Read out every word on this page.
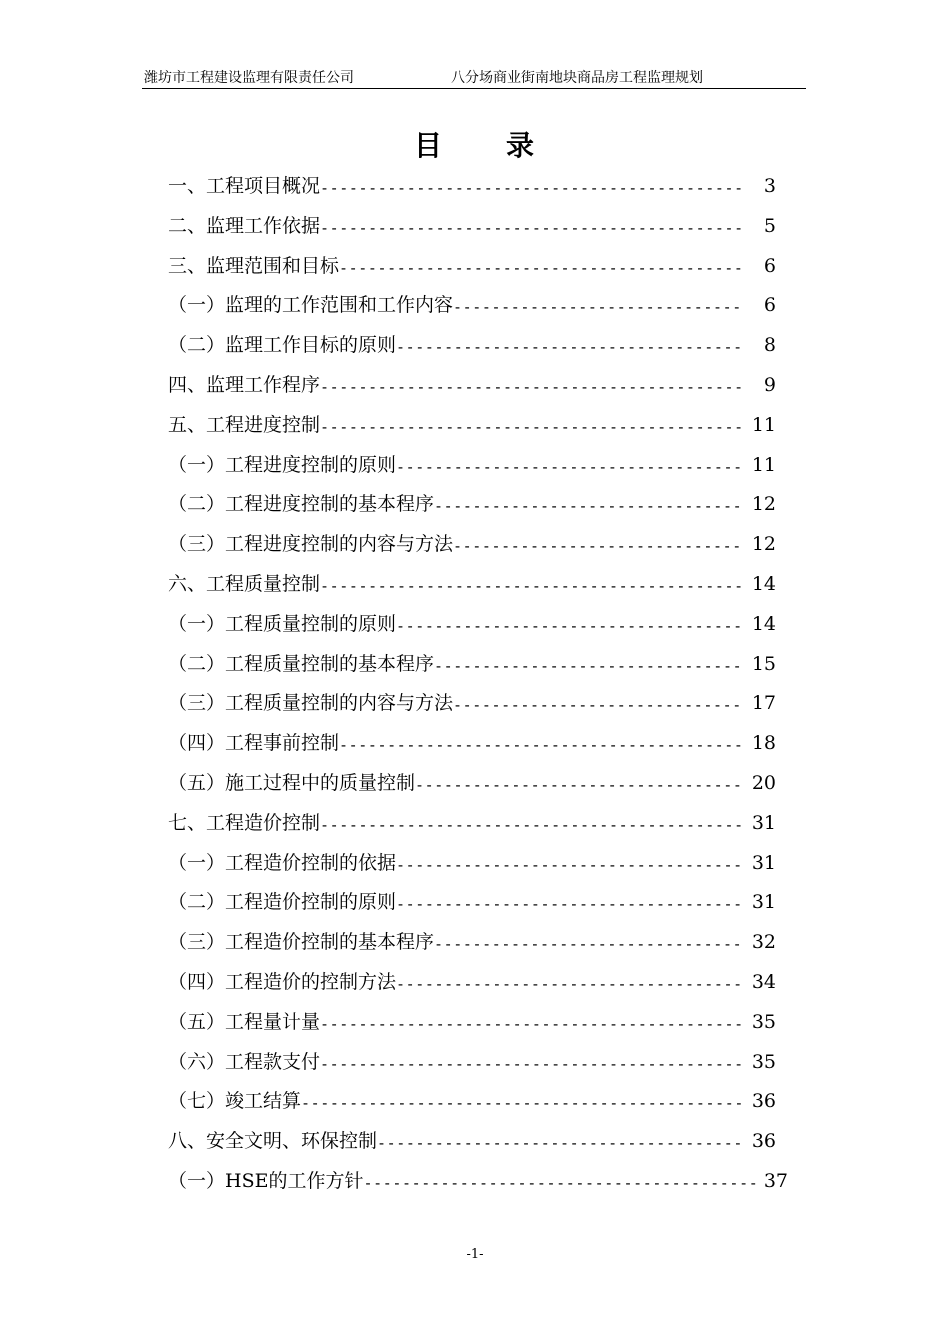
潍坊市工程建设监理有限责任公司	八分场商业街南地块商品房工程监理规划
目 录
一、工程项目概况 -----	3
二、监理工作依据 -----	5
三、监理范围和目标 -----	6
（一）监理的工作范围和工作内容 -----	6
（二）监理工作目标的原则 -----	8
四、监理工作程序 -----	9
五、工程进度控制 -----	11
（一）工程进度控制的原则 -----	11
（二）工程进度控制的基本程序 -----	12
（三）工程进度控制的内容与方法 -----	12
六、工程质量控制 -----	14
（一）工程质量控制的原则 -----	14
（二）工程质量控制的基本程序 -----	15
（三）工程质量控制的内容与方法 -----	17
（四）工程事前控制 -----	18
（五）施工过程中的质量控制 -----	20
七、工程造价控制 -----	31
（一）工程造价控制的依据 -----	31
（二）工程造价控制的原则 -----	31
（三）工程造价控制的基本程序 -----	32
（四）工程造价的控制方法 -----	34
（五）工程量计量 -----	35
（六）工程款支付 -----	35
（七）竣工结算 -----	36
八、安全文明、环保控制 -----	36
（一）HSE的工作方针 -----	37
-1-
